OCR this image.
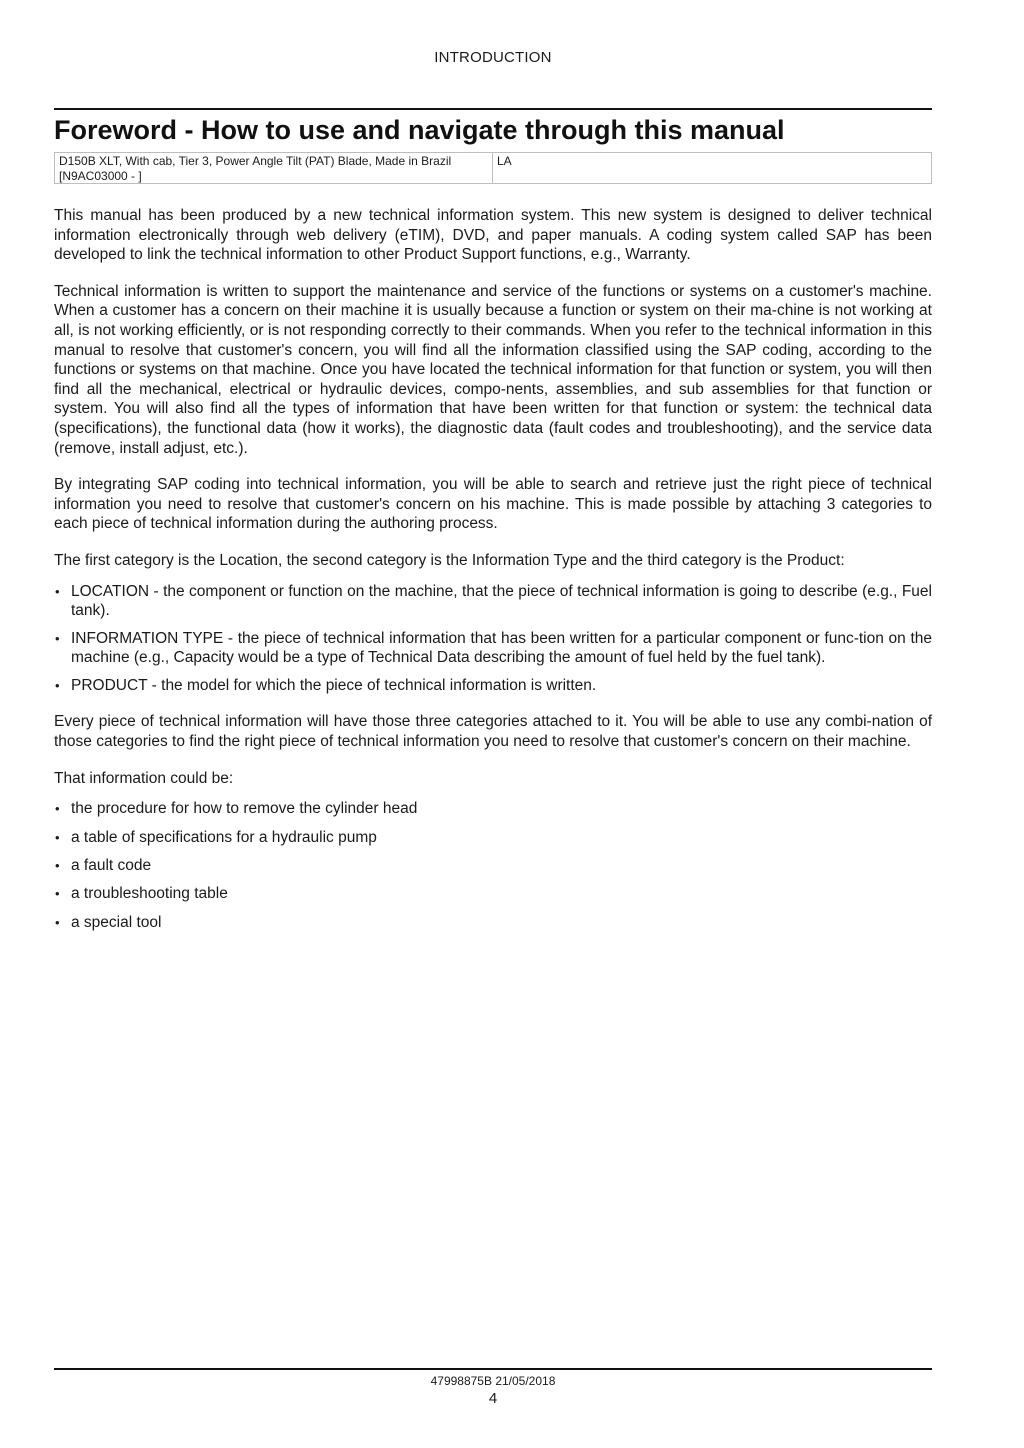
INTRODUCTION
Foreword - How to use and navigate through this manual
D150B XLT, With cab, Tier 3, Power Angle Tilt (PAT) Blade, Made in Brazil
[N9AC03000 - ]
LA

This manual has been produced by a new technical information system. This new system is designed to deliver technical information electronically through web delivery (eTIM), DVD, and paper manuals. A coding system called SAP has been developed to link the technical information to other Product Support functions, e.g., Warranty.

Technical information is written to support the maintenance and service of the functions or systems on a customer's machine. When a customer has a concern on their machine it is usually because a function or system on their ma-chine is not working at all, is not working efficiently, or is not responding correctly to their commands. When you refer to the technical information in this manual to resolve that customer's concern, you will find all the information classified using the SAP coding, according to the functions or systems on that machine. Once you have located the technical information for that function or system, you will then find all the mechanical, electrical or hydraulic devices, compo-nents, assemblies, and sub assemblies for that function or system. You will also find all the types of information that have been written for that function or system: the technical data (specifications), the functional data (how it works), the diagnostic data (fault codes and troubleshooting), and the service data (remove, install adjust, etc.).

By integrating SAP coding into technical information, you will be able to search and retrieve just the right piece of technical information you need to resolve that customer's concern on his machine. This is made possible by attaching 3 categories to each piece of technical information during the authoring process.

The first category is the Location, the second category is the Information Type and the third category is the Product:

• LOCATION - the component or function on the machine, that the piece of technical information is going to describe (e.g., Fuel tank).
• INFORMATION TYPE - the piece of technical information that has been written for a particular component or func-tion on the machine (e.g., Capacity would be a type of Technical Data describing the amount of fuel held by the fuel tank).
• PRODUCT - the model for which the piece of technical information is written.

Every piece of technical information will have those three categories attached to it. You will be able to use any combi-nation of those categories to find the right piece of technical information you need to resolve that customer's concern on their machine.

That information could be:

• the procedure for how to remove the cylinder head
• a table of specifications for a hydraulic pump
• a fault code
• a troubleshooting table
• a special tool
47998875B 21/05/2018
4
